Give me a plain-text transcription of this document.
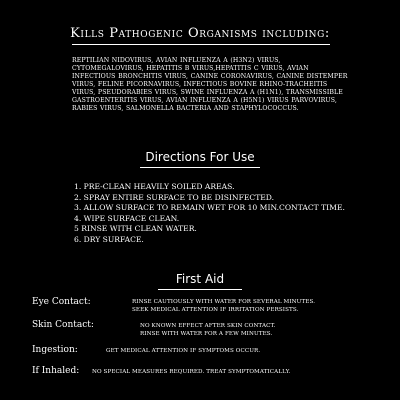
Kills Pathogenic Organisms including:
REPTILIAN NIDOVIRUS, AVIAN INFLUENZA A (H3N2) VIRUS, CYTOMEGALOVIRUS, HEPATITIS B VIRUS,HEPATITIS C VIRUS, AVIAN INFECTIOUS BRONCHITIS VIRUS, CANINE CORONAVIRUS, CANINE DISTEMPER VIRUS, FELINE PICORNAVIRUS, INFECTIOUS BOVINE RHINO-TRACHEITIS VIRUS, PSEUDORABIES VIRUS, SWINE INFLUENZA A (H1N1), TRANSMISSIBLE GASTROENTERITIS VIRUS, AVIAN INFLUENZA A (H5N1) VIRUS PARVOVIRUS, RABIES VIRUS, SALMONELLA BACTERIA AND STAPHYLOCOCCUS.
Directions For Use
1. PRE-CLEAN HEAVILY SOILED AREAS.
2. SPRAY ENTIRE SURFACE TO BE DISINFECTED.
3. ALLOW SURFACE TO REMAIN WET FOR 10 MIN.CONTACT TIME.
4. WIPE SURFACE CLEAN.
5 RINSE WITH CLEAN WATER.
6. DRY SURFACE.
First Aid
Eye Contact:	RINSE CAUTIOUSLY WITH WATER FOR SEVERAL MINUTES.
SEEK MEDICAL ATTENTION IF IRRITATION PERSISTS.
Skin Contact:	NO KNOWN EFFECT AFTER SKIN CONTACT.
RINSE WITH WATER FOR A FEW MINUTES.
Ingestion:	GET MEDICAL ATTENTION IF SYMPTOMS OCCUR.
If Inhaled: NO SPECIAL MEASURES REQUIRED. TREAT SYMPTOMATICALLY.
